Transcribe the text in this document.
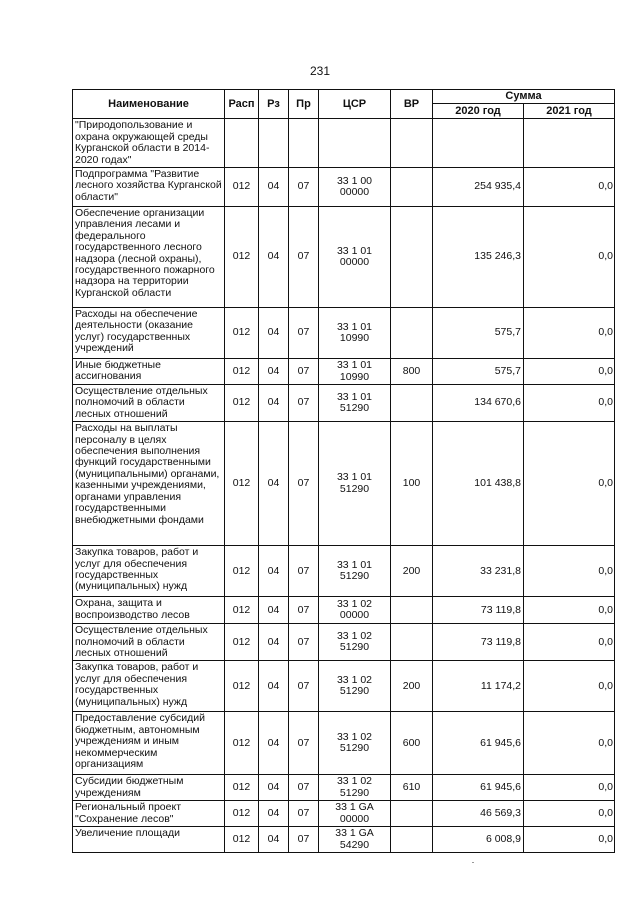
231
Наименование	Расп	Рз	Пр	ЦСР	ВР	Сумма	
						2020 год	2021 год
"Природопользование и охрана окружающей среды Курганской области в 2014-2020 годах"							
Подпрограмма "Развитие лесного хозяйства Курганской области"	012	04	07	33 1 00 00000		254 935,4	0,0
Обеспечение организации управления лесами и федерального государственного лесного надзора (лесной охраны), государственного пожарного надзора на территории Курганской области	012	04	07	33 1 01 00000		135 246,3	0,0
Расходы на обеспечение деятельности (оказание услуг) государственных учреждений	012	04	07	33 1 01 10990		575,7	0,0
Иные бюджетные ассигнования	012	04	07	33 1 01 10990	800	575,7	0,0
Осуществление отдельных полномочий в области лесных отношений	012	04	07	33 1 01 51290		134 670,6	0,0
Расходы на выплаты персоналу в целях обеспечения выполнения функций государственными (муниципальными) органами, казенными учреждениями, органами управления государственными внебюджетными фондами	012	04	07	33 1 01 51290	100	101 438,8	0,0
Закупка товаров, работ и услуг для обеспечения государственных (муниципальных) нужд	012	04	07	33 1 01 51290	200	33 231,8	0,0
Охрана, защита и воспроизводство лесов	012	04	07	33 1 02 00000		73 119,8	0,0
Осуществление отдельных полномочий в области лесных отношений	012	04	07	33 1 02 51290		73 119,8	0,0
Закупка товаров, работ и услуг для обеспечения государственных (муниципальных) нужд	012	04	07	33 1 02 51290	200	11 174,2	0,0
Предоставление субсидий бюджетным, автономным учреждениям и иным некоммерческим организациям	012	04	07	33 1 02 51290	600	61 945,6	0,0
Субсидии бюджетным учреждениям	012	04	07	33 1 02 51290	610	61 945,6	0,0
Региональный проект "Сохранение лесов"	012	04	07	33 1 GA 00000		46 569,3	0,0
Увеличение площади	012	04	07	33 1 GA 54290		6 008,9	0,0
